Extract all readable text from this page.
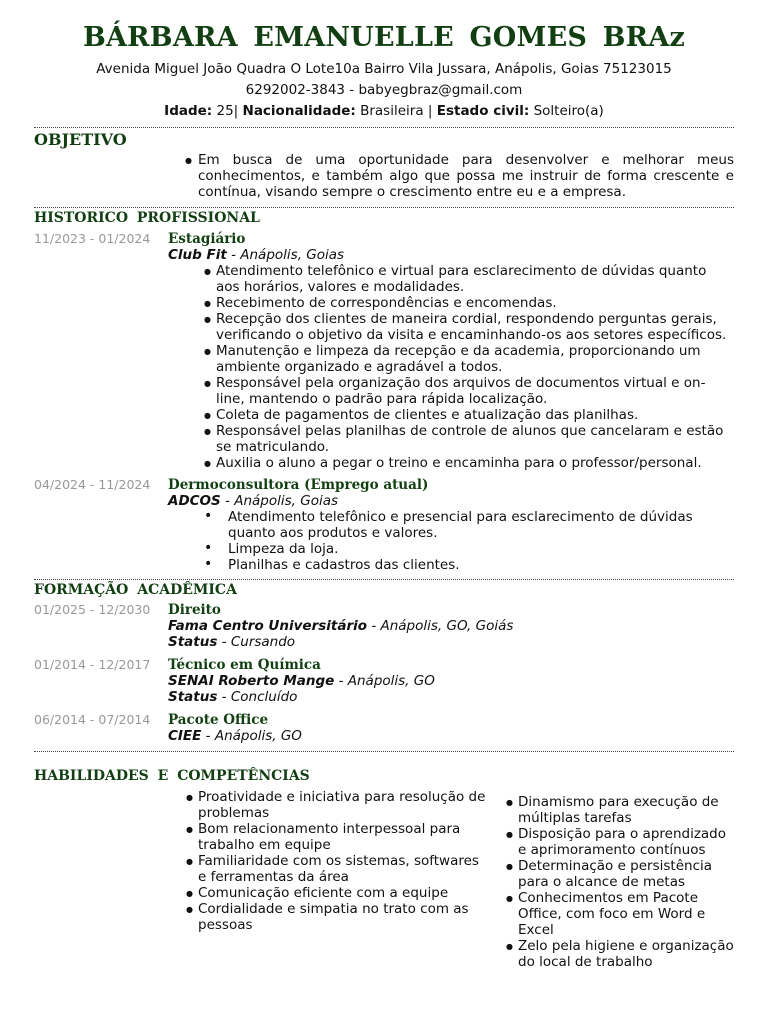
BÁRBARA EMANUELLE GOMES BRAz
Avenida Miguel João Quadra O Lote10a Bairro Vila Jussara, Anápolis, Goias 75123015
6292002-3843 - babyegbraz@gmail.com
Idade: 25| Nacionalidade: Brasileira | Estado civil: Solteiro(a)
OBJETIVO
● Em busca de uma oportunidade para desenvolver e melhorar meus conhecimentos, e também algo que possa me instruir de forma crescente e contínua, visando sempre o crescimento entre eu e a empresa.
HISTORICO PROFISSIONAL
11/2023 - 01/2024	Estagiário
Club Fit - Anápolis, Goias
● Atendimento telefônico e virtual para esclarecimento de dúvidas quanto aos horários, valores e modalidades.
● Recebimento de correspondências e encomendas.
● Recepção dos clientes de maneira cordial, respondendo perguntas gerais, verificando o objetivo da visita e encaminhando-os aos setores específicos.
● Manutenção e limpeza da recepção e da academia, proporcionando um ambiente organizado e agradável a todos.
● Responsável pela organização dos arquivos de documentos virtual e on-line, mantendo o padrão para rápida localização.
● Coleta de pagamentos de clientes e atualização das planilhas.
● Responsável pelas planilhas de controle de alunos que cancelaram e estão se matriculando.
● Auxilia o aluno a pegar o treino e encaminha para o professor/personal.
04/2024 - 11/2024	Dermoconsultora (Emprego atual)
ADCOS - Anápolis, Goias
• Atendimento telefônico e presencial para esclarecimento de dúvidas quanto aos produtos e valores.
• Limpeza da loja.
• Planilhas e cadastros das clientes.
FORMAÇÃO ACADÊMICA
01/2025 - 12/2030	Direito
Fama Centro Universitário - Anápolis, GO, Goiás
Status - Cursando
01/2014 - 12/2017	Técnico em Química
SENAI Roberto Mange - Anápolis, GO
Status - Concluído
06/2014 - 07/2014	Pacote Office
CIEE - Anápolis, GO
HABILIDADES E COMPETÊNCIAS
● Proatividade e iniciativa para resolução de problemas
● Bom relacionamento interpessoal para trabalho em equipe
● Familiaridade com os sistemas, softwares e ferramentas da área
● Comunicação eficiente com a equipe
● Cordialidade e simpatia no trato com as pessoas
● Dinamismo para execução de múltiplas tarefas
● Disposição para o aprendizado e aprimoramento contínuos
● Determinação e persistência para o alcance de metas
● Conhecimentos em Pacote Office, com foco em Word e Excel
● Zelo pela higiene e organização do local de trabalho
